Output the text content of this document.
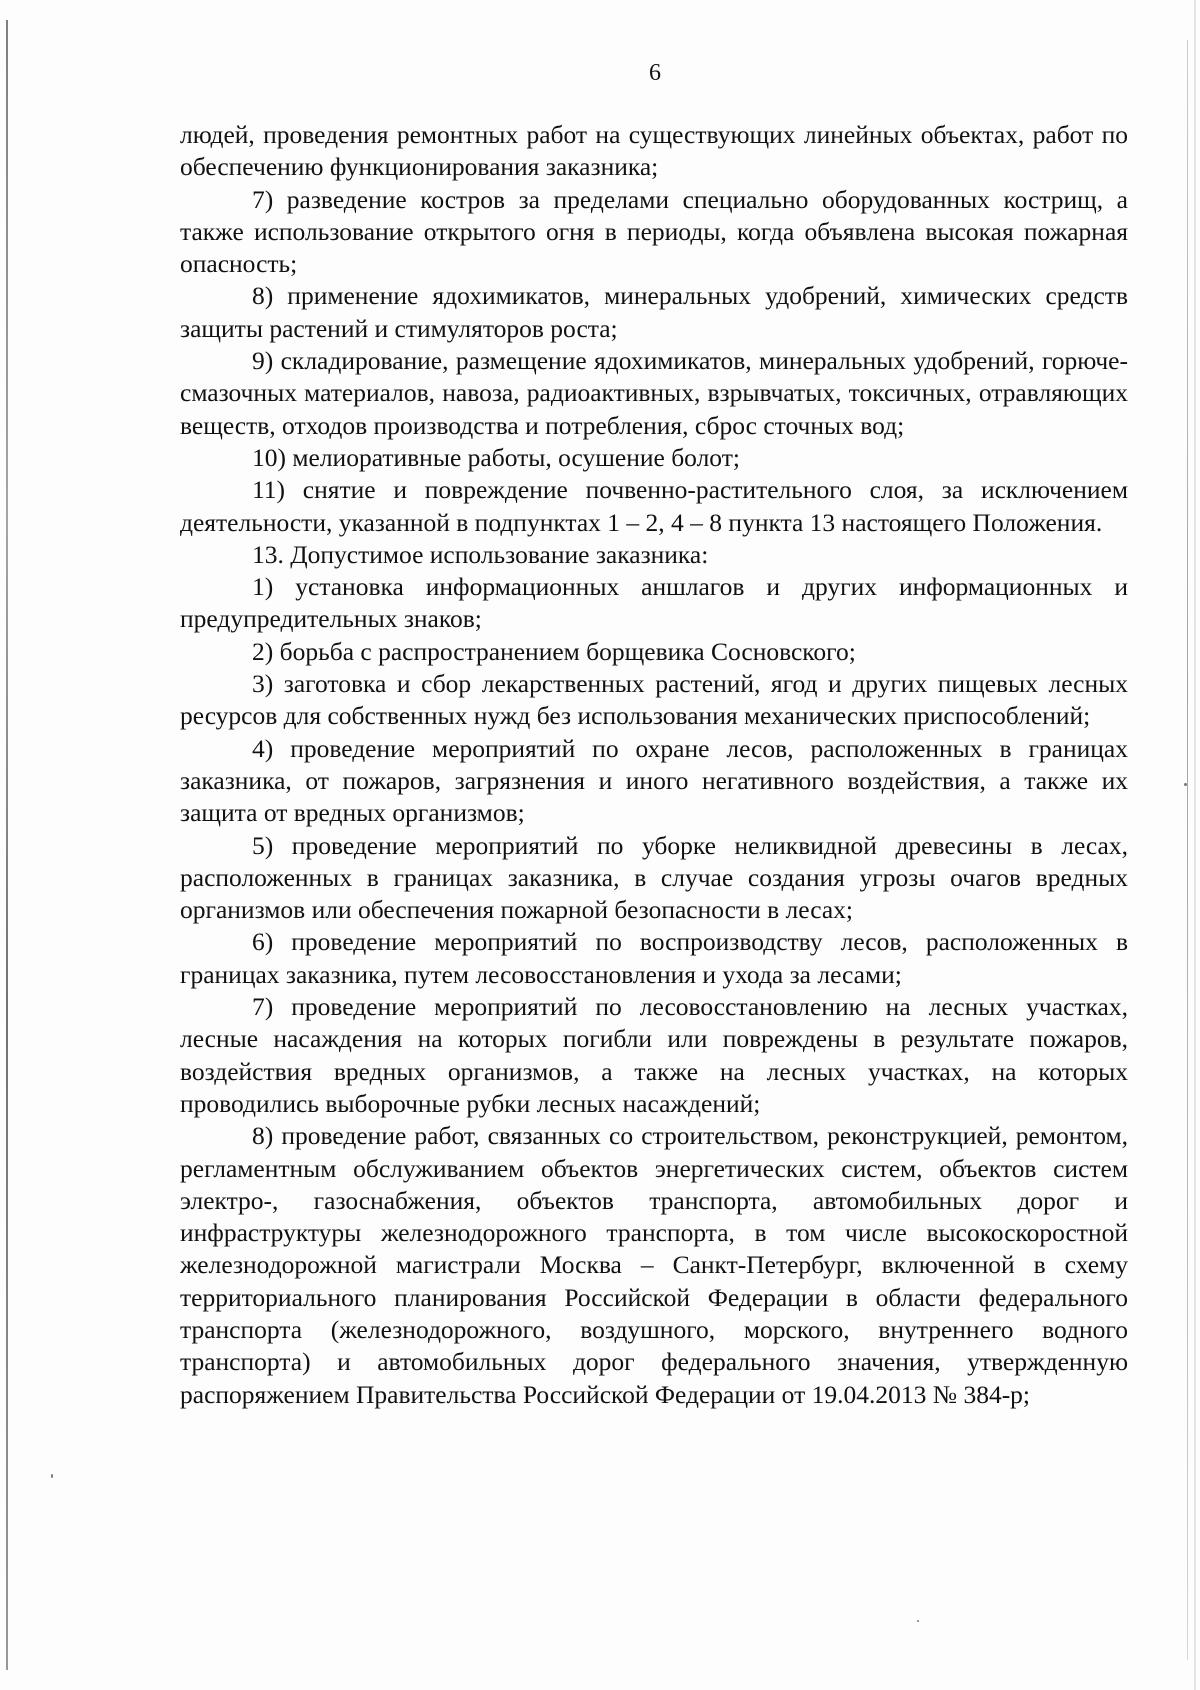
6

людей, проведения ремонтных работ на существующих линейных объектах, работ по обеспечению функционирования заказника;

7) разведение костров за пределами специально оборудованных кострищ, а также использование открытого огня в периоды, когда объявлена высокая пожарная опасность;

8) применение ядохимикатов, минеральных удобрений, химических средств защиты растений и стимуляторов роста;

9) складирование, размещение ядохимикатов, минеральных удобрений, горюче-смазочных материалов, навоза, радиоактивных, взрывчатых, токсичных, отравляющих веществ, отходов производства и потребления, сброс сточных вод;

10) мелиоративные работы, осушение болот;

11) снятие и повреждение почвенно-растительного слоя, за исключением деятельности, указанной в подпунктах 1 – 2, 4 – 8 пункта 13 настоящего Положения.

13. Допустимое использование заказника:

1) установка информационных аншлагов и других информационных и предупредительных знаков;

2) борьба с распространением борщевика Сосновского;

3) заготовка и сбор лекарственных растений, ягод и других пищевых лесных ресурсов для собственных нужд без использования механических приспособлений;

4) проведение мероприятий по охране лесов, расположенных в границах заказника, от пожаров, загрязнения и иного негативного воздействия, а также их защита от вредных организмов;

5) проведение мероприятий по уборке неликвидной древесины в лесах, расположенных в границах заказника, в случае создания угрозы очагов вредных организмов или обеспечения пожарной безопасности в лесах;

6) проведение мероприятий по воспроизводству лесов, расположенных в границах заказника, путем лесовосстановления и ухода за лесами;

7) проведение мероприятий по лесовосстановлению на лесных участках, лесные насаждения на которых погибли или повреждены в результате пожаров, воздействия вредных организмов, а также на лесных участках, на которых проводились выборочные рубки лесных насаждений;

8) проведение работ, связанных со строительством, реконструкцией, ремонтом, регламентным обслуживанием объектов энергетических систем, объектов систем электро-, газоснабжения, объектов транспорта, автомобильных дорог и инфраструктуры железнодорожного транспорта, в том числе высокоскоростной железнодорожной магистрали Москва – Санкт-Петербург, включенной в схему территориального планирования Российской Федерации в области федерального транспорта (железнодорожного, воздушного, морского, внутреннего водного транспорта) и автомобильных дорог федерального значения, утвержденную распоряжением Правительства Российской Федерации от 19.04.2013 № 384-р;
